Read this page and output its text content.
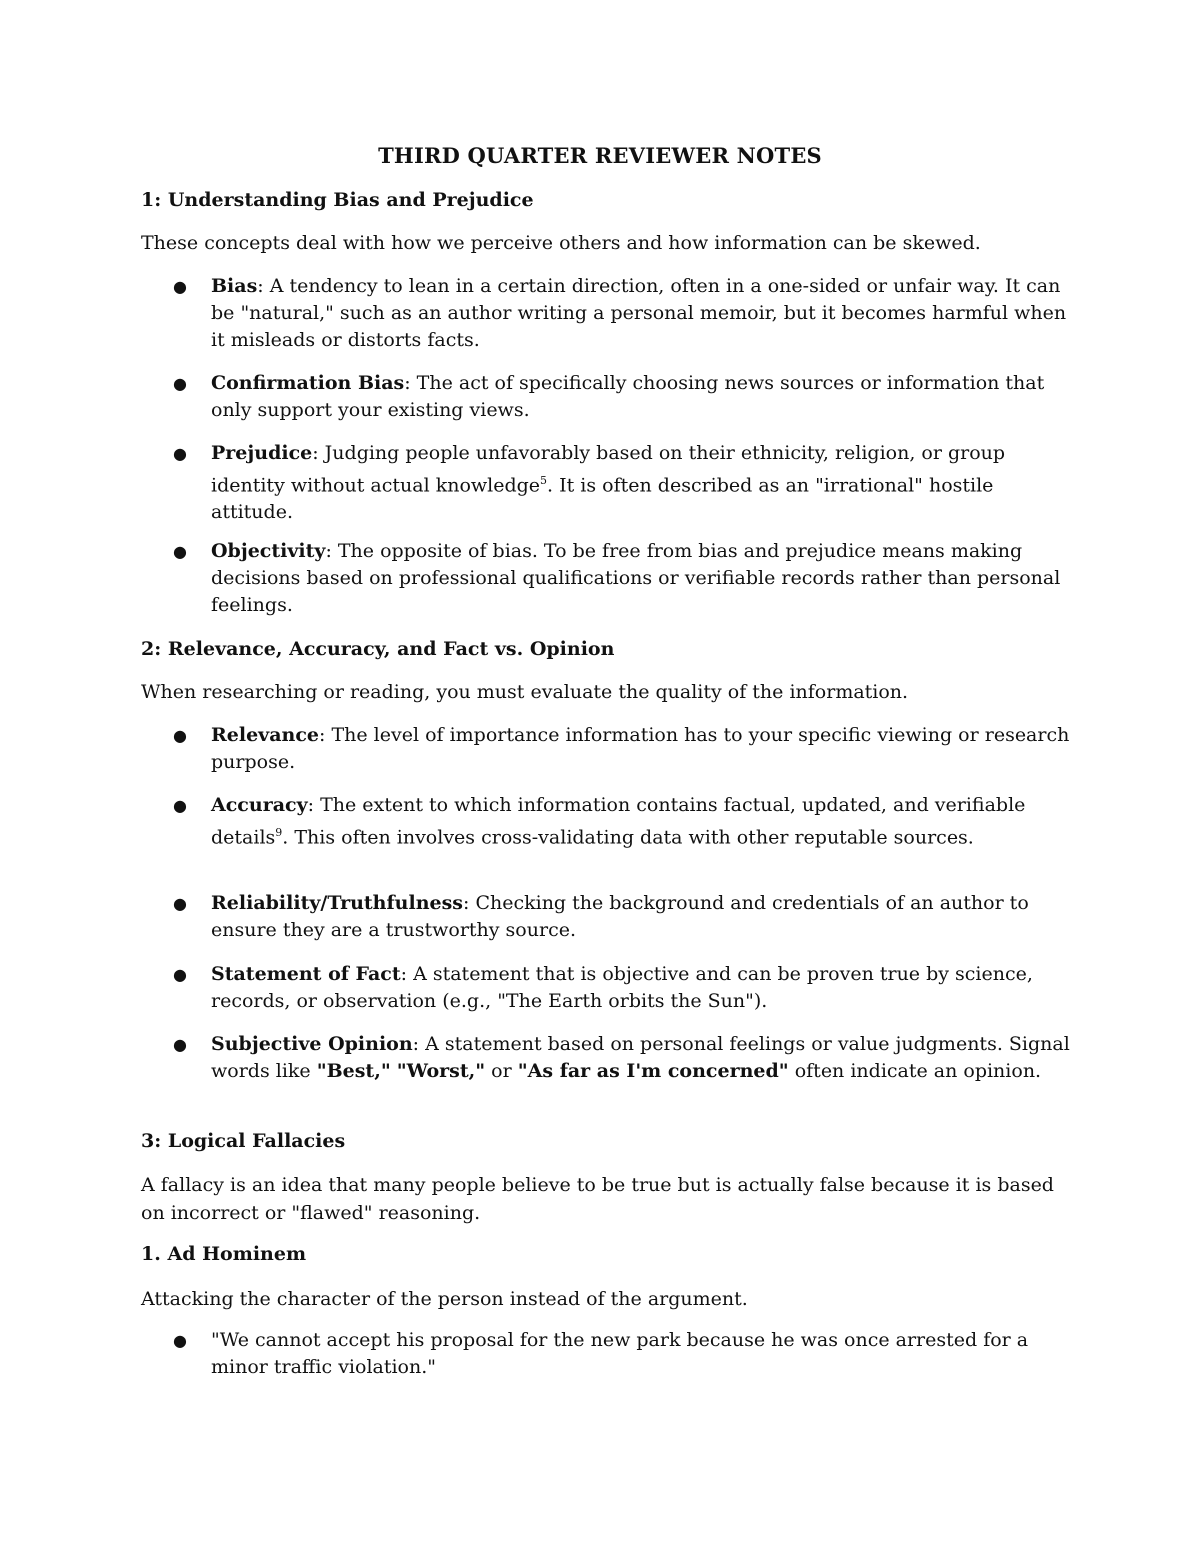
THIRD QUARTER REVIEWER NOTES
1: Understanding Bias and Prejudice
These concepts deal with how we perceive others and how information can be skewed.
● Bias: A tendency to lean in a certain direction, often in a one-sided or unfair way. It can be "natural," such as an author writing a personal memoir, but it becomes harmful when it misleads or distorts facts.
● Confirmation Bias: The act of specifically choosing news sources or information that only support your existing views.
● Prejudice: Judging people unfavorably based on their ethnicity, religion, or group identity without actual knowledge$^5$. It is often described as an "irrational" hostile attitude.
● Objectivity: The opposite of bias. To be free from bias and prejudice means making decisions based on professional qualifications or verifiable records rather than personal feelings.
2: Relevance, Accuracy, and Fact vs. Opinion
When researching or reading, you must evaluate the quality of the information.
● Relevance: The level of importance information has to your specific viewing or research purpose.
● Accuracy: The extent to which information contains factual, updated, and verifiable details$^9$. This often involves cross-validating data with other reputable sources.
● Reliability/Truthfulness: Checking the background and credentials of an author to ensure they are a trustworthy source.
● Statement of Fact: A statement that is objective and can be proven true by science, records, or observation (e.g., "The Earth orbits the Sun").
● Subjective Opinion: A statement based on personal feelings or value judgments. Signal words like "Best," "Worst," or "As far as I'm concerned" often indicate an opinion.
3: Logical Fallacies
A fallacy is an idea that many people believe to be true but is actually false because it is based on incorrect or "flawed" reasoning.
1. Ad Hominem
Attacking the character of the person instead of the argument.
● "We cannot accept his proposal for the new park because he was once arrested for a minor traffic violation."
